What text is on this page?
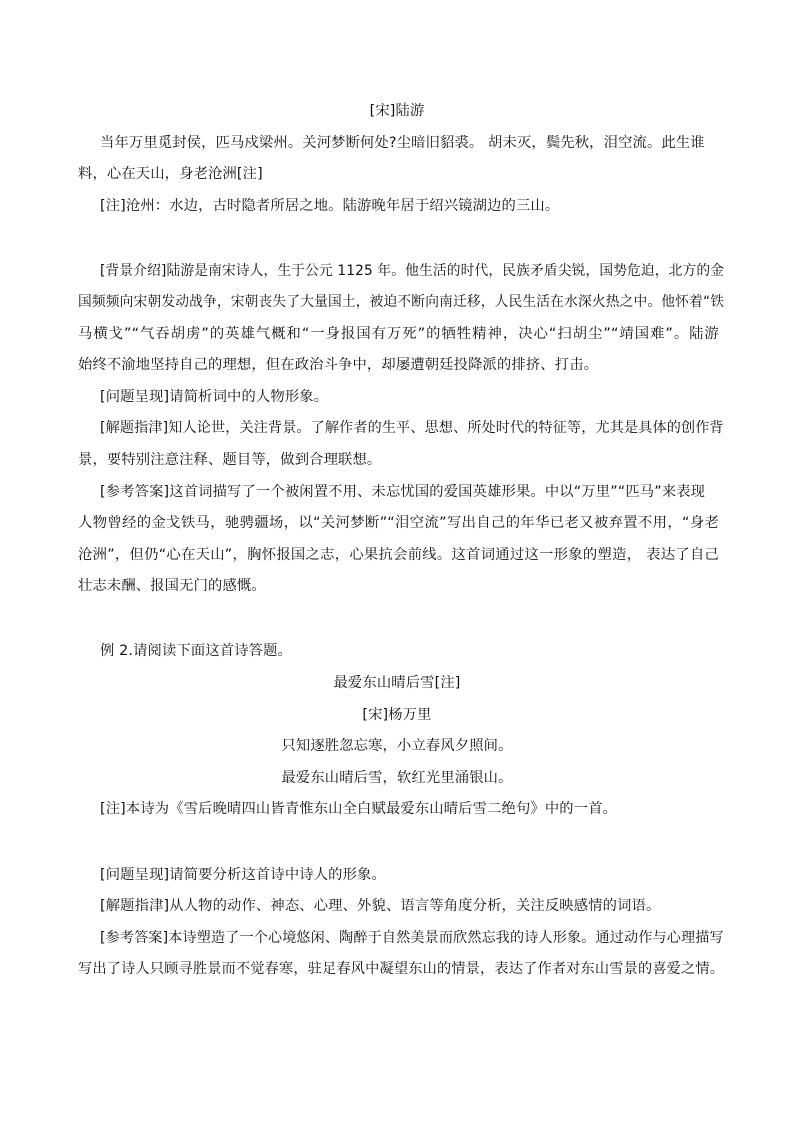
[宋]陆游

当年万里觅封侯，匹马戍梁州。关河梦断何处?尘暗旧貂裘。 胡未灭，鬓先秋，泪空流。此生谁

料，心在天山，身老沧洲[注]

[注]沧州：水边，古时隐者所居之地。陆游晚年居于绍兴镜湖边的三山。

[背景介绍]陆游是南宋诗人，生于公元 1125 年。他生活的时代，民族矛盾尖锐，国势危迫，北方的金

国频频向宋朝发动战争，宋朝丧失了大量国土，被迫不断向南迁移，人民生活在水深火热之中。他怀着“铁

马横戈”“气吞胡虏”的英雄气概和“一身报国有万死”的牺牲精神，决心“扫胡尘”“靖国难”。陆游

始终不渝地坚持自己的理想，但在政治斗争中，却屡遭朝廷投降派的排挤、打击。

[问题呈现]请简析词中的人物形象。

[解题指津]知人论世，关注背景。了解作者的生平、思想、所处时代的特征等，尤其是具体的创作背

景，要特别注意注释、题目等，做到合理联想。

[参考答案]这首词描写了一个被闲置不用、未忘忧国的爱国英雄形果。中以“万里”“匹马”来表现

人物曾经的金戈铁马，驰骋疆场，以“关河梦断”“泪空流”写出自己的年华已老又被弃置不用，“身老

沧洲”，但仍“心在天山”，胸怀报国之志，心果抗会前线。这首词通过这一形象的塑造， 表达了自己

壮志未酬、报国无门的感慨。

例 2.请阅读下面这首诗答题。

最爱东山晴后雪[注]

[宋]杨万里

只知逐胜忽忘寒，小立春风夕照间。

最爱东山晴后雪，软红光里涌银山。

[注]本诗为《雪后晚晴四山皆青惟东山全白赋最爱东山晴后雪二绝句》中的一首。

[问题呈现]请简要分析这首诗中诗人的形象。

[解题指津]从人物的动作、神态、心理、外貌、语言等角度分析，关注反映感情的词语。

[参考答案]本诗塑造了一个心境悠闲、陶醉于自然美景而欣然忘我的诗人形象。通过动作与心理描写

写出了诗人只顾寻胜景而不觉春寒，驻足春风中凝望东山的情景，表达了作者对东山雪景的喜爱之情。
